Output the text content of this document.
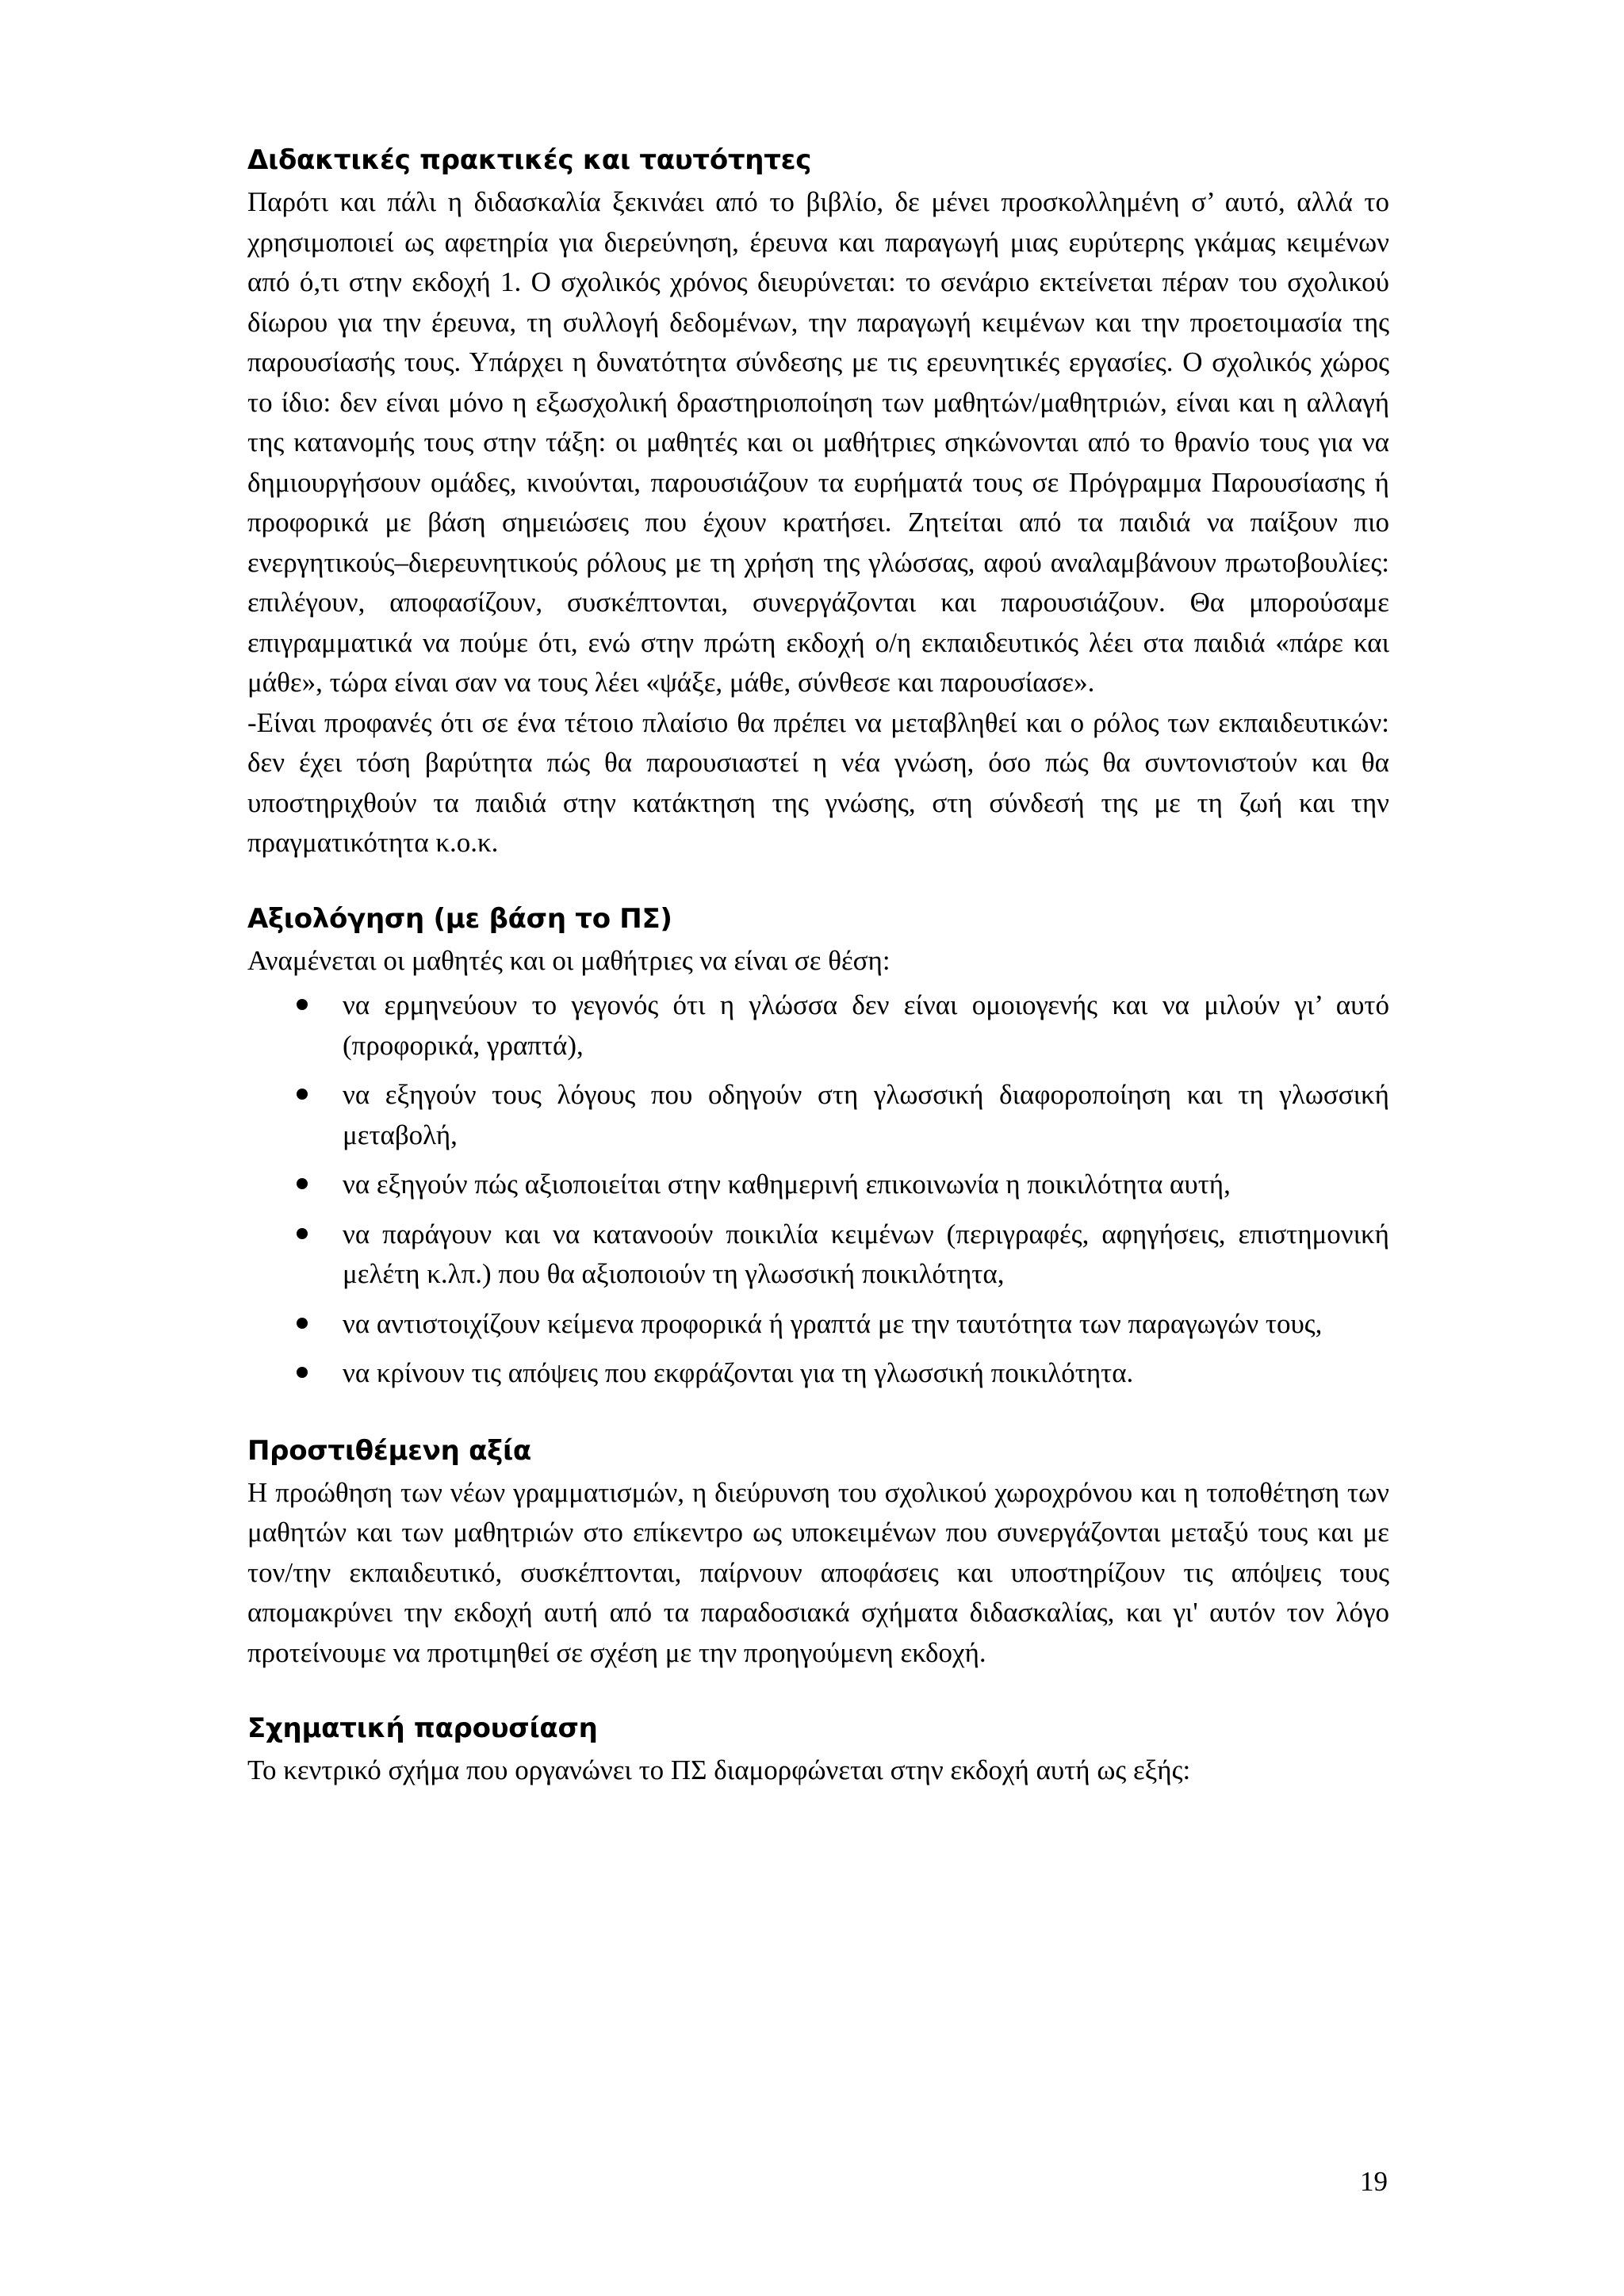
Διδακτικές πρακτικές και ταυτότητες

Παρότι και πάλι η διδασκαλία ξεκινάει από το βιβλίο, δε μένει προσκολλημένη σ’ αυτό, αλλά το χρησιμοποιεί ως αφετηρία για διερεύνηση, έρευνα και παραγωγή μιας ευρύτερης γκάμας κειμένων από ό,τι στην εκδοχή 1. Ο σχολικός χρόνος διευρύνεται: το σενάριο εκτείνεται πέραν του σχολικού δίωρου για την έρευνα, τη συλλογή δεδομένων, την παραγωγή κειμένων και την προετοιμασία της παρουσίασής τους. Υπάρχει η δυνατότητα σύνδεσης με τις ερευνητικές εργασίες. Ο σχολικός χώρος το ίδιο: δεν είναι μόνο η εξωσχολική δραστηριοποίηση των μαθητών/μαθητριών, είναι και η αλλαγή της κατανομής τους στην τάξη: οι μαθητές και οι μαθήτριες σηκώνονται από το θρανίο τους για να δημιουργήσουν ομάδες, κινούνται, παρουσιάζουν τα ευρήματά τους σε Πρόγραμμα Παρουσίασης ή προφορικά με βάση σημειώσεις που έχουν κρατήσει. Ζητείται από τα παιδιά να παίξουν πιο ενεργητικούς–διερευνητικούς ρόλους με τη χρήση της γλώσσας, αφού αναλαμβάνουν πρωτοβουλίες: επιλέγουν, αποφασίζουν, συσκέπτονται, συνεργάζονται και παρουσιάζουν. Θα μπορούσαμε επιγραμματικά να πούμε ότι, ενώ στην πρώτη εκδοχή ο/η εκπαιδευτικός λέει στα παιδιά «πάρε και μάθε», τώρα είναι σαν να τους λέει «ψάξε, μάθε, σύνθεσε και παρουσίασε».

-Είναι προφανές ότι σε ένα τέτοιο πλαίσιο θα πρέπει να μεταβληθεί και ο ρόλος των εκπαιδευτικών: δεν έχει τόση βαρύτητα πώς θα παρουσιαστεί η νέα γνώση, όσο πώς θα συντονιστούν και θα υποστηριχθούν τα παιδιά στην κατάκτηση της γνώσης, στη σύνδεσή της με τη ζωή και την πραγματικότητα κ.ο.κ.

Αξιολόγηση (με βάση το ΠΣ)

Αναμένεται οι μαθητές και οι μαθήτριες να είναι σε θέση:

να ερμηνεύουν το γεγονός ότι η γλώσσα δεν είναι ομοιογενής και να μιλούν γι’ αυτό (προφορικά, γραπτά),

να εξηγούν τους λόγους που οδηγούν στη γλωσσική διαφοροποίηση και τη γλωσσική μεταβολή,

να εξηγούν πώς αξιοποιείται στην καθημερινή επικοινωνία η ποικιλότητα αυτή,

να παράγουν και να κατανοούν ποικιλία κειμένων (περιγραφές, αφηγήσεις, επιστημονική μελέτη κ.λπ.) που θα αξιοποιούν τη γλωσσική ποικιλότητα,

να αντιστοιχίζουν κείμενα προφορικά ή γραπτά με την ταυτότητα των παραγωγών τους,

να κρίνουν τις απόψεις που εκφράζονται για τη γλωσσική ποικιλότητα.

Προστιθέμενη αξία

Η προώθηση των νέων γραμματισμών, η διεύρυνση του σχολικού χωροχρόνου και η τοποθέτηση των μαθητών και των μαθητριών στο επίκεντρο ως υποκειμένων που συνεργάζονται μεταξύ τους και με τον/την εκπαιδευτικό, συσκέπτονται, παίρνουν αποφάσεις και υποστηρίζουν τις απόψεις τους απομακρύνει την εκδοχή αυτή από τα παραδοσιακά σχήματα διδασκαλίας, και γι' αυτόν τον λόγο προτείνουμε να προτιμηθεί σε σχέση με την προηγούμενη εκδοχή.

Σχηματική παρουσίαση

Το κεντρικό σχήμα που οργανώνει το ΠΣ διαμορφώνεται στην εκδοχή αυτή ως εξής:

19
